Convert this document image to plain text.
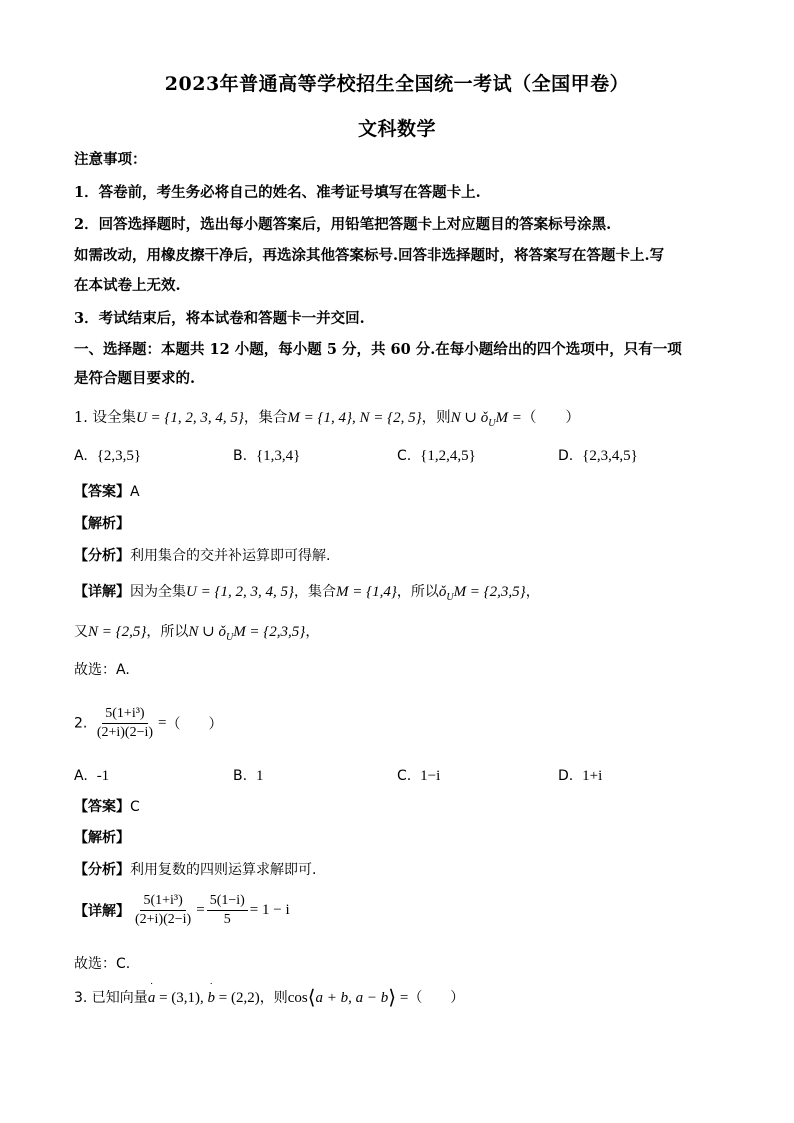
2023年普通高等学校招生全国统一考试（全国甲卷）
文科数学
注意事项：
1．答卷前，考生务必将自己的姓名、准考证号填写在答题卡上.
2．回答选择题时，选出每小题答案后，用铅笔把答题卡上对应题目的答案标号涂黑.
如需改动，用橡皮擦干净后，再选涂其他答案标号.回答非选择题时，将答案写在答题卡上.写
在本试卷上无效.
3．考试结束后，将本试卷和答题卡一并交回.
一、选择题：本题共 12 小题，每小题 5 分，共 60 分.在每小题给出的四个选项中，只有一项
是符合题目要求的.
1. 设全集U = {1, 2, 3, 4, 5}，集合M = {1, 4}, N = {2, 5}，则N ∪ $ǒ_UM$ =（　　）
A. {2,3,5}	B. {1,3,4}	C. {1,2,4,5}	D. {2,3,4,5}
【答案】A
【解析】
【分析】利用集合的交并补运算即可得解.
【详解】因为全集U = {1, 2, 3, 4, 5}，集合M = {1,4}，所以$ǒ_UM = \{2,3,5\}$，
又N = {2,5}，所以N ∪ $ǒ_UM = \{2,3,5\}$，
故选：A.
2. $\frac{\text{5(1+i³)}}{(2+i)(2-i)}$ =（　　）
A. -1	B. 1	C. 1−i	D. 1+i
【答案】C
【解析】
【分析】利用复数的四则运算求解即可.
【详解】 $\frac{\text{5(1+i³)}}{(2+i)(2-i)} = \frac{5(1-i)}{5} = 1 - i$
故选：C.
3. 已知向量˙ a = (3,1), ˙ b = (2,2)，则cos⟨a + b, a − b⟩ =（　　）
